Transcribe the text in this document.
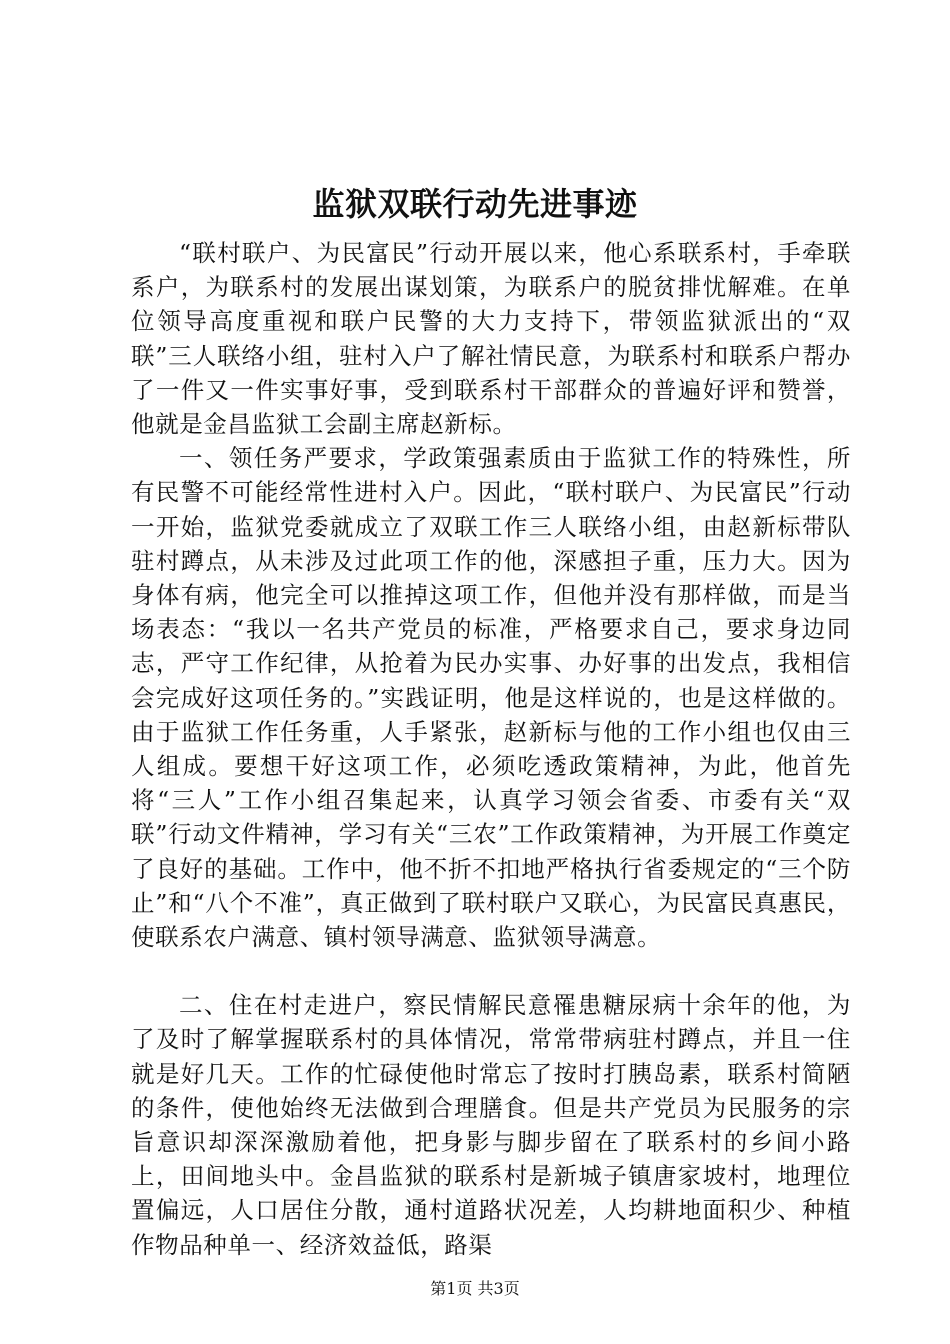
监狱双联行动先进事迹

“联村联户、为民富民”行动开展以来，他心系联系村，手牵联系户，为联系村的发展出谋划策，为联系户的脱贫排忧解难。在单位领导高度重视和联户民警的大力支持下，带领监狱派出的“双联”三人联络小组，驻村入户了解社情民意，为联系村和联系户帮办了一件又一件实事好事，受到联系村干部群众的普遍好评和赞誉，他就是金昌监狱工会副主席赵新标。

一、领任务严要求，学政策强素质由于监狱工作的特殊性，所有民警不可能经常性进村入户。因此，“联村联户、为民富民”行动一开始，监狱党委就成立了双联工作三人联络小组，由赵新标带队驻村蹲点，从未涉及过此项工作的他，深感担子重，压力大。因为身体有病，他完全可以推掉这项工作，但他并没有那样做，而是当场表态：“我以一名共产党员的标准，严格要求自己，要求身边同志，严守工作纪律，从抢着为民办实事、办好事的出发点，我相信会完成好这项任务的。”实践证明，他是这样说的，也是这样做的。由于监狱工作任务重，人手紧张，赵新标与他的工作小组也仅由三人组成。要想干好这项工作，必须吃透政策精神，为此，他首先将“三人”工作小组召集起来，认真学习领会省委、市委有关“双联”行动文件精神，学习有关“三农”工作政策精神，为开展工作奠定了良好的基础。工作中，他不折不扣地严格执行省委规定的“三个防止”和“八个不准”，真正做到了联村联户又联心，为民富民真惠民，使联系农户满意、镇村领导满意、监狱领导满意。

二、住在村走进户，察民情解民意罹患糖尿病十余年的他，为了及时了解掌握联系村的具体情况，常常带病驻村蹲点，并且一住就是好几天。工作的忙碌使他时常忘了按时打胰岛素，联系村简陋的条件，使他始终无法做到合理膳食。但是共产党员为民服务的宗旨意识却深深激励着他，把身影与脚步留在了联系村的乡间小路上，田间地头中。金昌监狱的联系村是新城子镇唐家坡村，地理位置偏远，人口居住分散，通村道路状况差，人均耕地面积少、种植作物品种单一、经济效益低，路渠

第1页 共3页
